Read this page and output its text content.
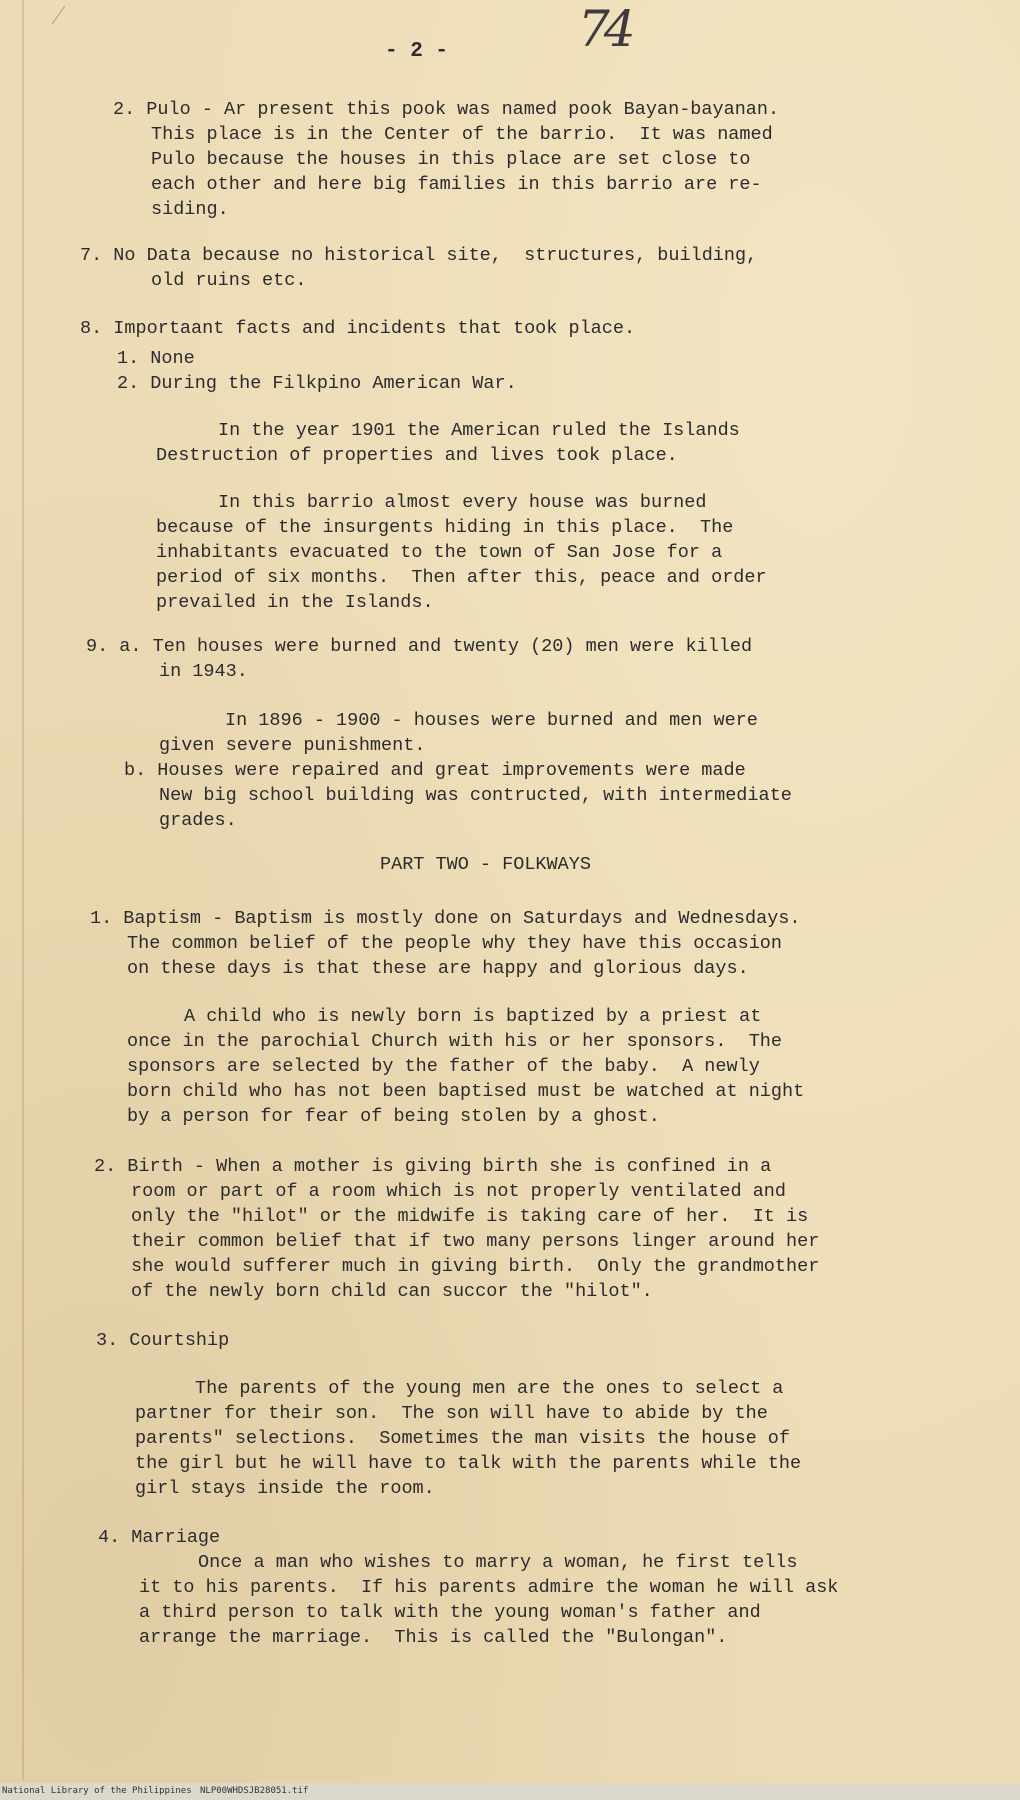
74
- 2 -
2. Pulo - Ar present this pook was named pook Bayan-bayanan.
This place is in the Center of the barrio.  It was named
Pulo because the houses in this place are set close to
each other and here big families in this barrio are re-
siding.
7. No Data because no historical site,  structures, building,
old ruins etc.
8. Importaant facts and incidents that took place.
1. None
2. During the Filkpino American War.
In the year 1901 the American ruled the Islands
Destruction of properties and lives took place.
In this barrio almost every house was burned
because of the insurgents hiding in this place.  The
inhabitants evacuated to the town of San Jose for a
period of six months.  Then after this, peace and order
prevailed in the Islands.
9. a. Ten houses were burned and twenty (20) men were killed
in 1943.
In 1896 - 1900 - houses were burned and men were
given severe punishment.
b. Houses were repaired and great improvements were made
New big school building was contructed, with intermediate
grades.
PART TWO - FOLKWAYS
1. Baptism - Baptism is mostly done on Saturdays and Wednesdays.
The common belief of the people why they have this occasion
on these days is that these are happy and glorious days.
A child who is newly born is baptized by a priest at
once in the parochial Church with his or her sponsors.  The
sponsors are selected by the father of the baby.  A newly
born child who has not been baptised must be watched at night
by a person for fear of being stolen by a ghost.
2. Birth - When a mother is giving birth she is confined in a
room or part of a room which is not properly ventilated and
only the "hilot" or the midwife is taking care of her.  It is
their common belief that if two many persons linger around her
she would sufferer much in giving birth.  Only the grandmother
of the newly born child can succor the "hilot".
3. Courtship
The parents of the young men are the ones to select a
partner for their son.  The son will have to abide by the
parents" selections.  Sometimes the man visits the house of
the girl but he will have to talk with the parents while the
girl stays inside the room.
4. Marriage
Once a man who wishes to marry a woman, he first tells
it to his parents.  If his parents admire the woman he will ask
a third person to talk with the young woman's father and
arrange the marriage.  This is called the "Bulongan".
National Library of the Philippines NLP00WHDSJB28051.tif
